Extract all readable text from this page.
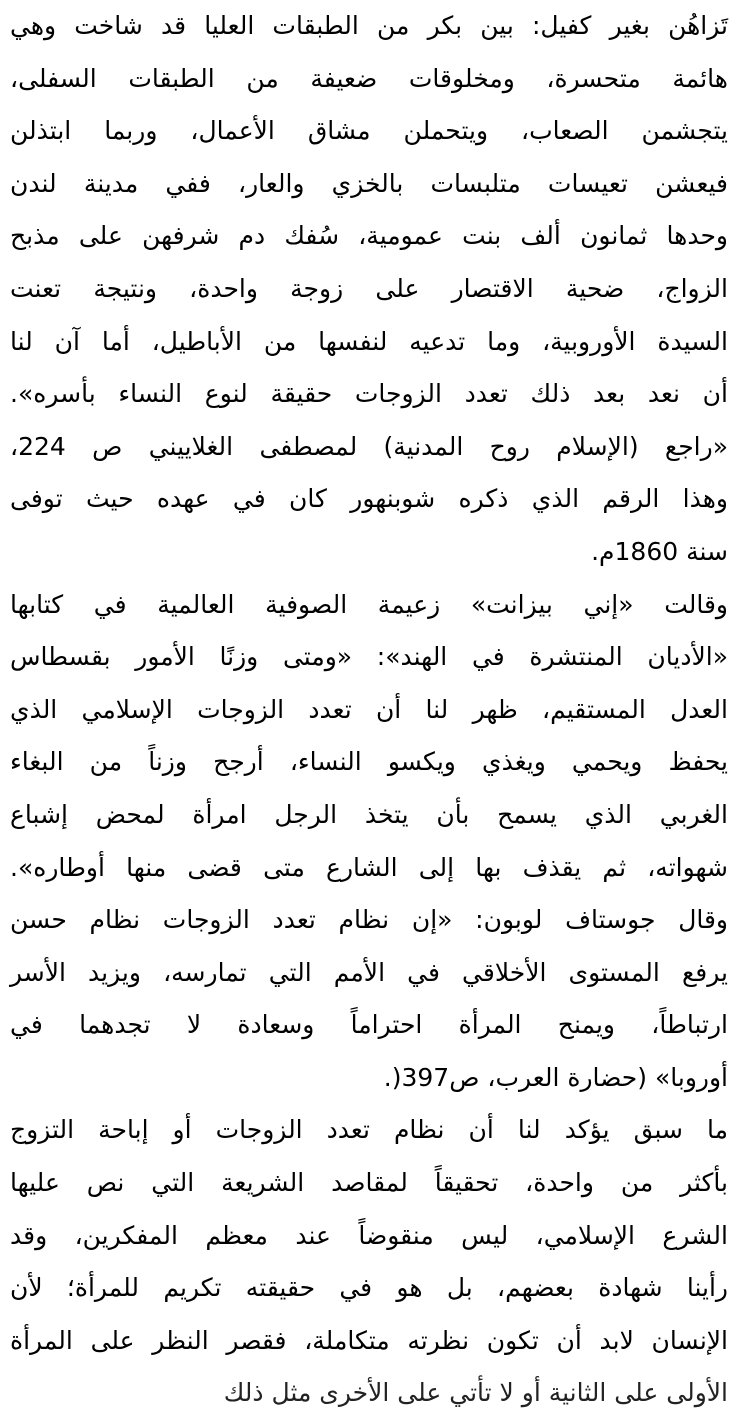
تَزاهُن بغير كفيل: بين بكر من الطبقات العليا قد شاخت وهي
هائمة متحسرة، ومخلوقات ضعيفة من الطبقات السفلى،
يتجشمن الصعاب، ويتحملن مشاق الأعمال، وربما ابتذلن
فيعشن تعيسات متلبسات بالخزي والعار، ففي مدينة لندن
وحدها ثمانون ألف بنت عمومية، سُفك دم شرفهن على مذبح
الزواج، ضحية الاقتصار على زوجة واحدة، ونتيجة تعنت
السيدة الأوروبية، وما تدعيه لنفسها من الأباطيل، أما آن لنا
أن نعد بعد ذلك تعدد الزوجات حقيقة لنوع النساء بأسره».
«راجع (الإسلام روح المدنية) لمصطفى الغلاييني ص 224،
وهذا الرقم الذي ذكره شوبنهور كان في عهده حيث توفى
سنة 1860م.
وقالت «إني بيزانت» زعيمة الصوفية العالمية في كتابها
«الأديان المنتشرة في الهند»: «ومتى وزنًا الأمور بقسطاس
العدل المستقيم، ظهر لنا أن تعدد الزوجات الإسلامي الذي
يحفظ ويحمي ويغذي ويكسو النساء، أرجح وزناً من البغاء
الغربي الذي يسمح بأن يتخذ الرجل امرأة لمحض إشباع
شهواته، ثم يقذف بها إلى الشارع متى قضى منها أوطاره».
وقال جوستاف لوبون: «إن نظام تعدد الزوجات نظام حسن
يرفع المستوى الأخلاقي في الأمم التي تمارسه، ويزيد الأسر
ارتباطاً، ويمنح المرأة احتراماً وسعادة لا تجدهما في
أوروبا» (حضارة العرب، ص397(.
ما سبق يؤكد لنا أن نظام تعدد الزوجات أو إباحة التزوج
بأكثر من واحدة، تحقيقاً لمقاصد الشريعة التي نص عليها
الشرع الإسلامي، ليس منقوضاً عند معظم المفكرين، وقد
رأينا شهادة بعضهم، بل هو في حقيقته تكريم للمرأة؛ لأن
الإنسان لابد أن تكون نظرته متكاملة، فقصر النظر على المرأة
الأولى على الثانية أو لا تأتي على الأخرى مثل ذلك
